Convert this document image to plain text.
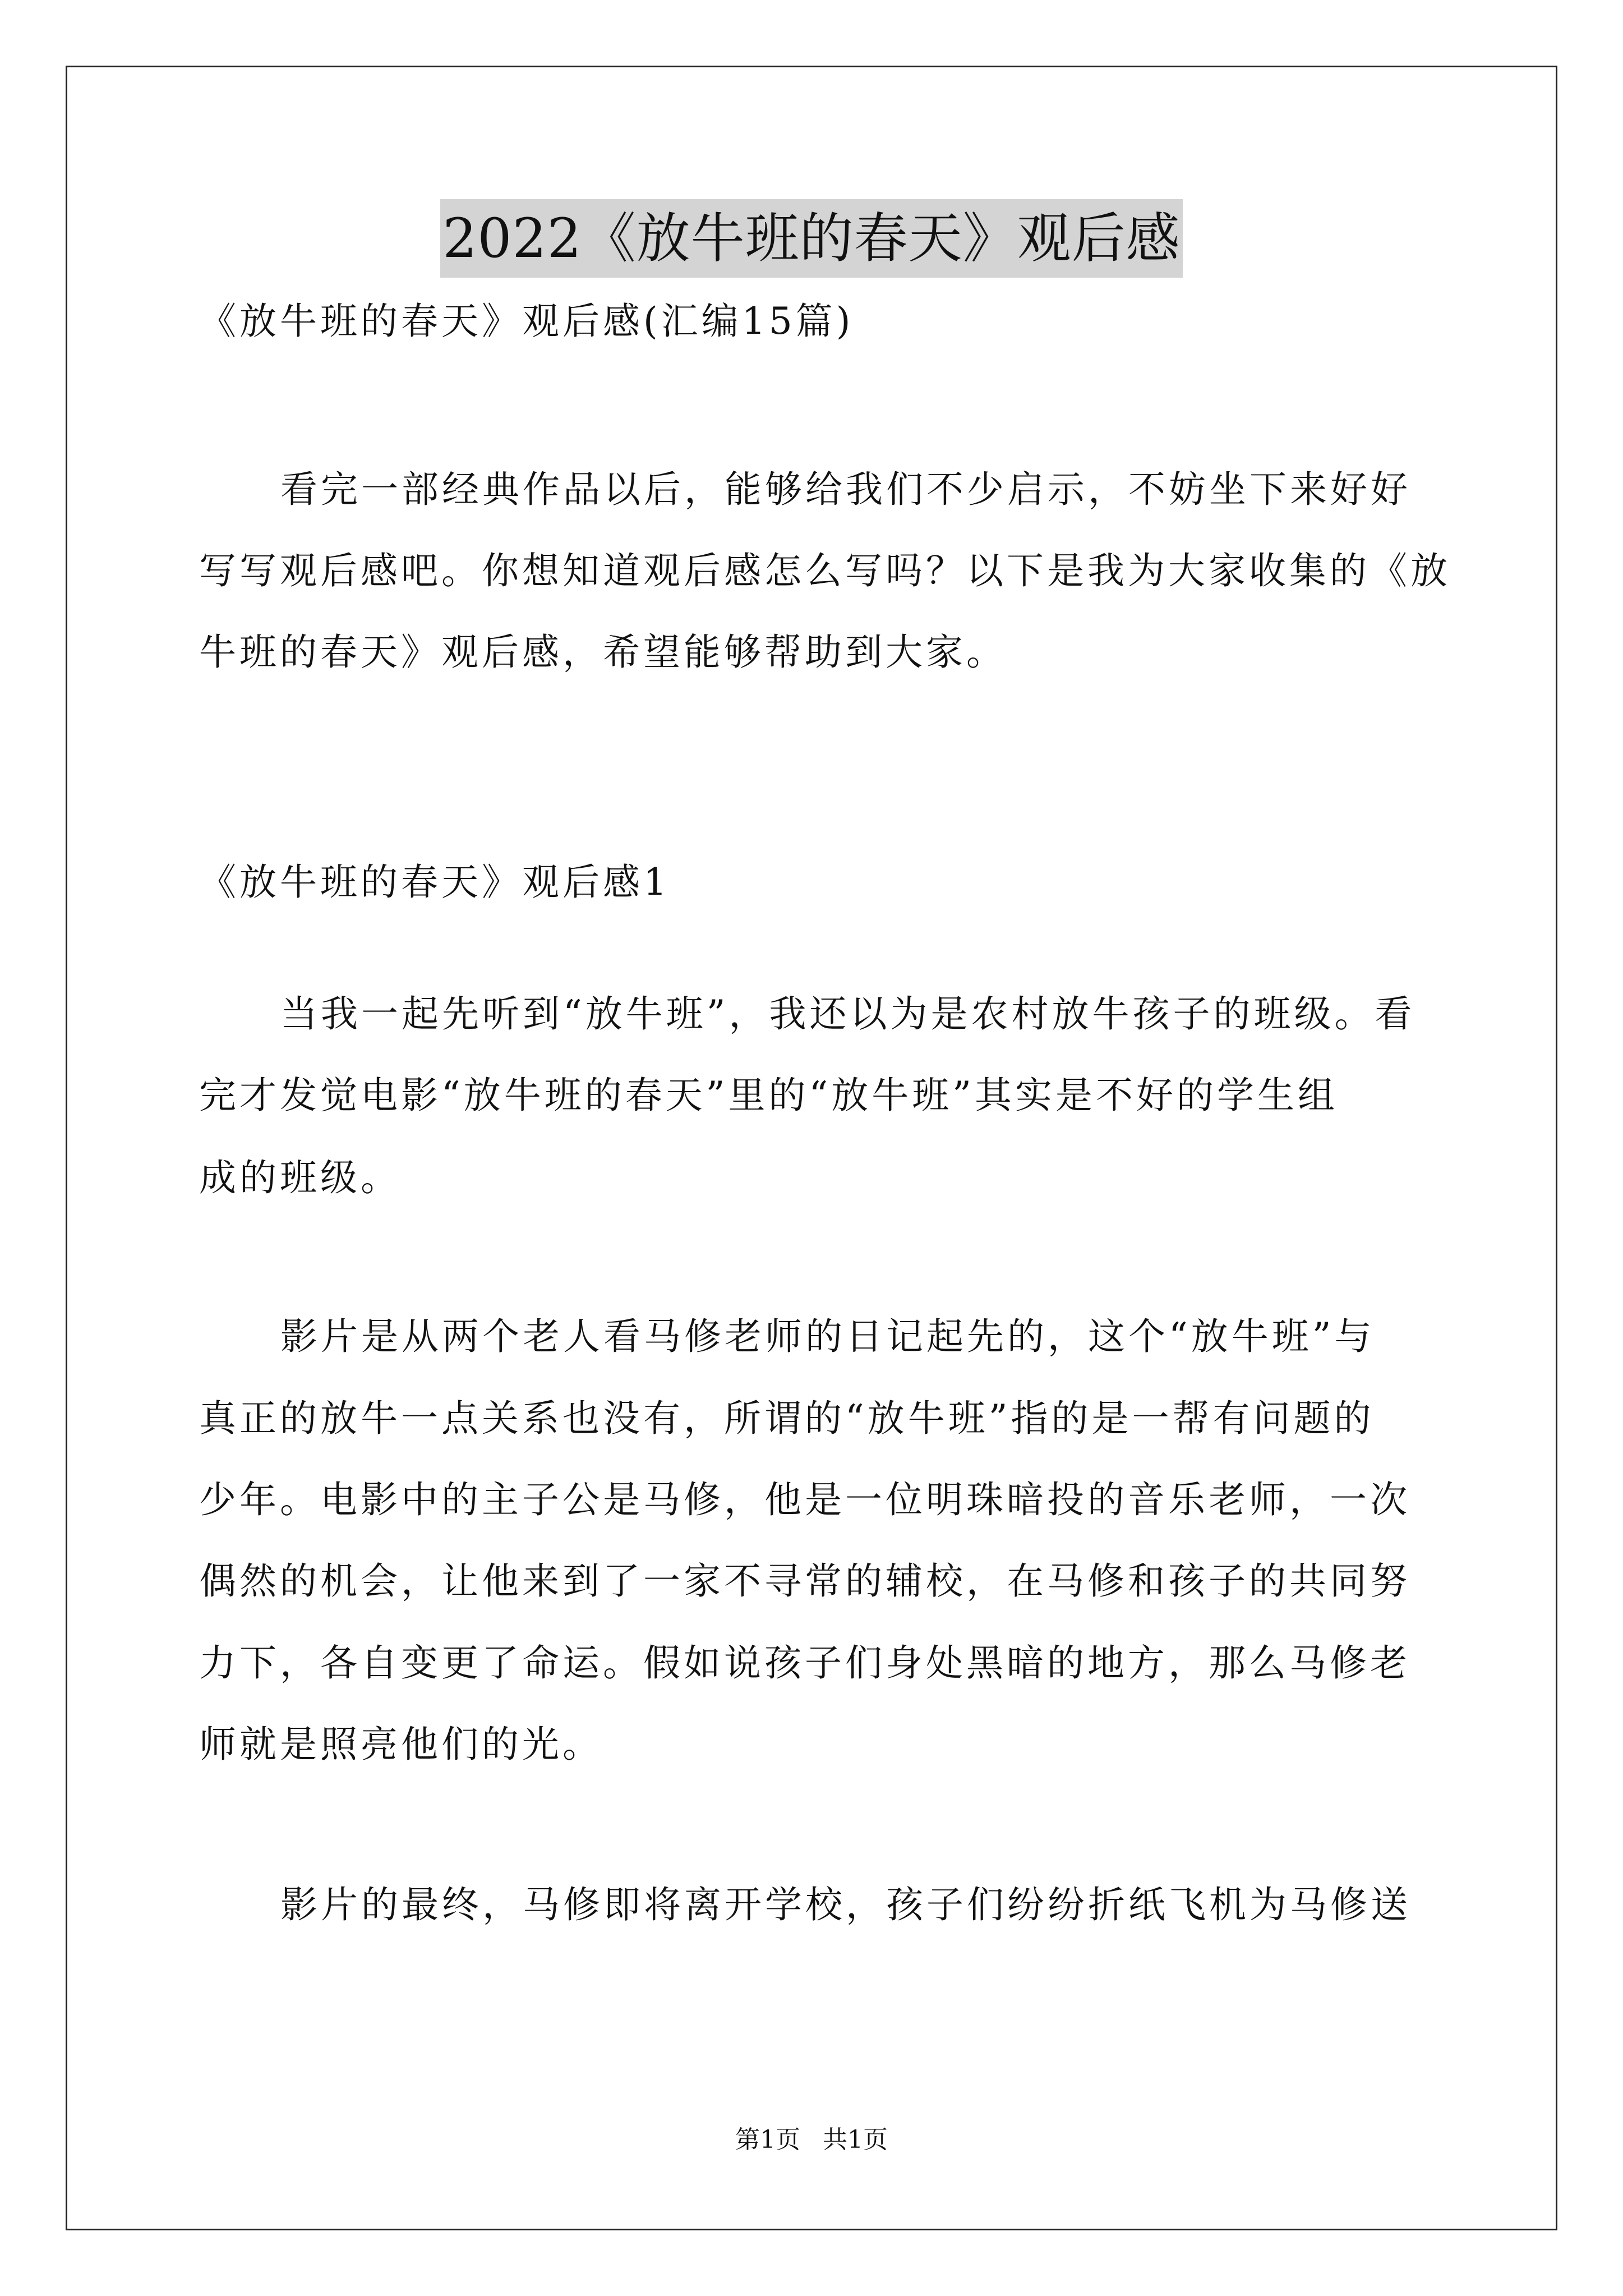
2022《放牛班的春天》观后感
《放牛班的春天》观后感(汇编15篇)
看完一部经典作品以后，能够给我们不少启示，不妨坐下来好好
写写观后感吧。你想知道观后感怎么写吗？以下是我为大家收集的《放
牛班的春天》观后感，希望能够帮助到大家。
《放牛班的春天》观后感1
当我一起先听到“放牛班”，我还以为是农村放牛孩子的班级。看
完才发觉电影“放牛班的春天”里的“放牛班”其实是不好的学生组
成的班级。
影片是从两个老人看马修老师的日记起先的，这个“放牛班”与
真正的放牛一点关系也没有，所谓的“放牛班”指的是一帮有问题的
少年。电影中的主子公是马修，他是一位明珠暗投的音乐老师，一次
偶然的机会，让他来到了一家不寻常的辅校，在马修和孩子的共同努
力下，各自变更了命运。假如说孩子们身处黑暗的地方，那么马修老
师就是照亮他们的光。
影片的最终，马修即将离开学校，孩子们纷纷折纸飞机为马修送
第1页 共1页
